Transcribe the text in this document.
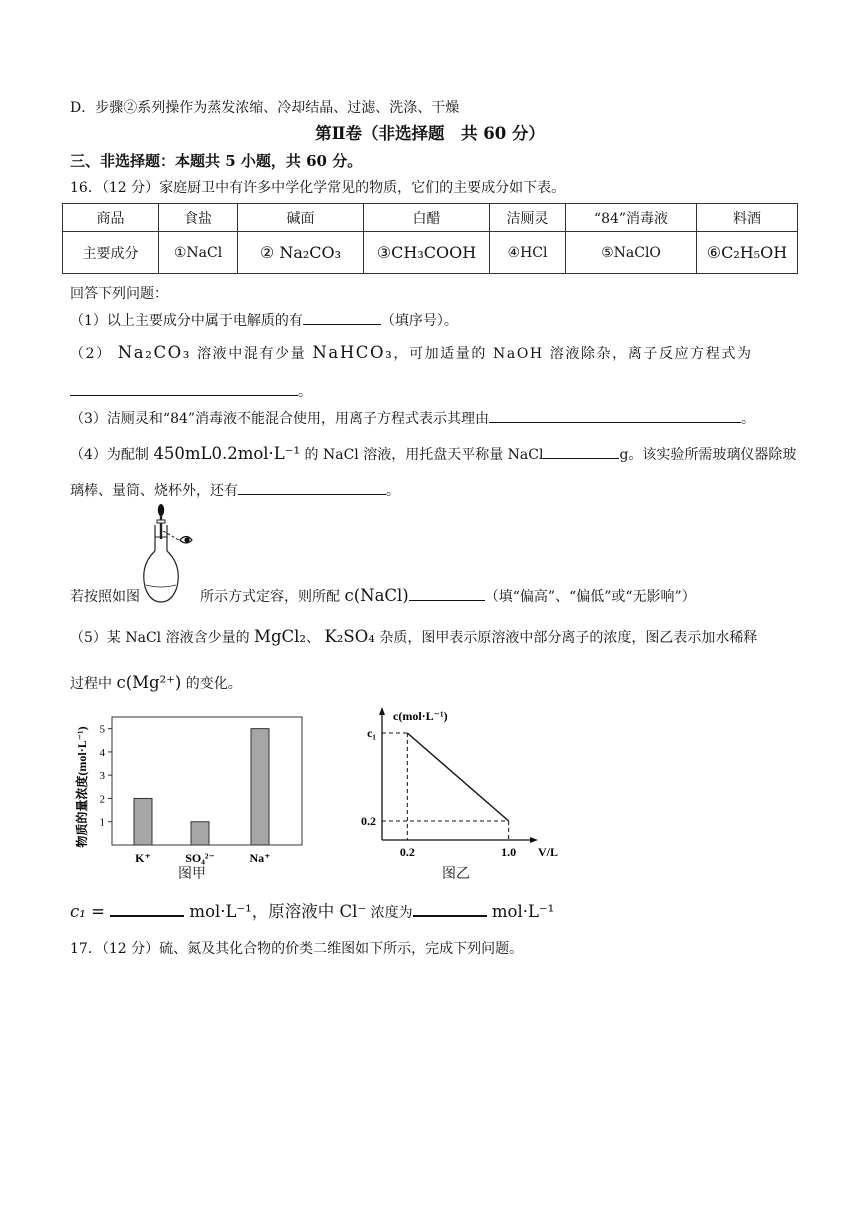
D．步骤②系列操作为蒸发浓缩、冷却结晶、过滤、洗涤、干燥
第Ⅱ卷（非选择题　共 60 分）
三、非选择题：本题共 5 小题，共 60 分。
16．（12 分）家庭厨卫中有许多中学化学常见的物质，它们的主要成分如下表。
商品	食盐	碱面	白醋	洁厕灵	“84”消毒液	料酒
主要成分	①NaCl	② Na₂CO₃	③CH₃COOH	④HCl	⑤NaClO	⑥C₂H₅OH
回答下列问题：
（1）以上主要成分中属于电解质的有	（填序号）。
（2） Na₂CO₃ 溶液中混有少量 NaHCO₃，可加适量的 NaOH 溶液除杂，离子反应方程式为
。
（3）洁厕灵和“84”消毒液不能混合使用，用离子方程式表示其理由	。
（4）为配制 450mL0.2mol·L⁻¹ 的 NaCl 溶液，用托盘天平称量 NaCl	g。该实验所需玻璃仪器除玻
璃棒、量筒、烧杯外，还有	。
若按照如图	所示方式定容，则所配 c(NaCl)	（填“偏高”、“偏低”或“无影响”）
（5）某 NaCl 溶液含少量的 MgCl₂、 K₂SO₄ 杂质，图甲表示原溶液中部分离子的浓度，图乙表示加水稀释
过程中 c(Mg²⁺) 的变化。
物质的量浓度(mol·L⁻¹) 1
2
3
4
5
K⁺	SO₄²⁻	Na⁺
图甲
c(mol·L⁻¹)
V/L
c₁
0.2
0.2	1.0
图乙
c₁ =	mol·L⁻¹，原溶液中 Cl⁻ 浓度为	mol·L⁻¹
17．（12 分）硫、氮及其化合物的价类二维图如下所示，完成下列问题。
